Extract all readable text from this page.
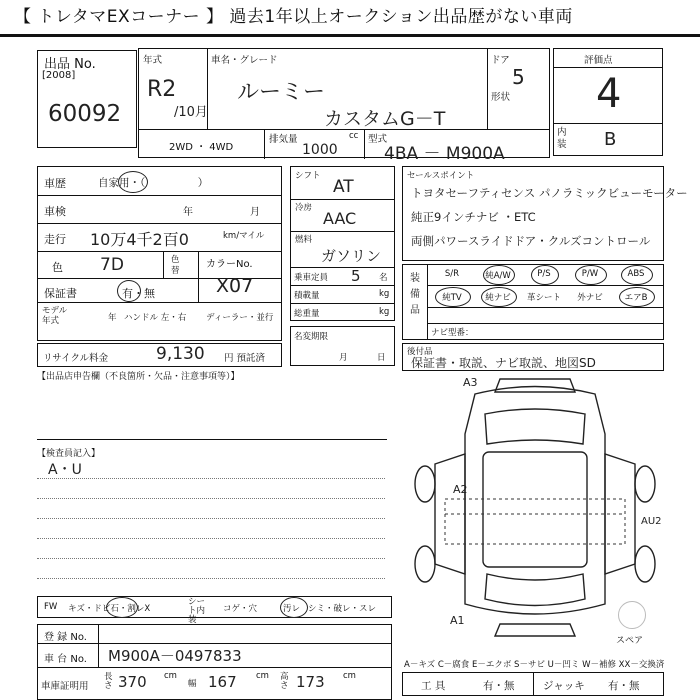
【 トレタマEXコーナー 】 過去1年以上オークション出品歴がない車両
出品 No.
[2008]
60092
年式
R2
/10月
車名・グレード
ルーミー
カスタムG－T
ドア
5
形状
2WD ・ 4WD
排気量	cc
1000
型式
4BA － M900A
評価点
4
内装 B
車歴	自家用・（　　　　　）
車検	年	月
走行 10万4千2百0	km/マイル
色 7D	色替
カラーNo.
X07
保証書	有・無
モデル年式	年 ハンドル 左・右 ディーラー・並行
リサイクル料金	9,130 円 預託済
シフト
AT
冷房
AAC
燃料
ガソリン
乗車定員 5 名
積載量	kg
総重量	kg
名変期限
月	日
セールスポイント
トヨタセーフティセンス パノラミックビューモーター
純正9インチナビ ・ETC
両側パワースライドドア・クルズコントロール
装備品
S/R	純A/W	P/S	P/W	ABS
純TV	純ナビ	革シート	外ナビ	エアB
ナビ型番：
後付品
保証書・取説、ナビ取説、地図SD
【出品店申告欄（不良箇所・欠品・注意事項等）】
【検査員記入】
A・U
A3
A2
A1
AU2
スペア
FW キズ・ドビ石・割レX
シート内装
コゲ・穴	汚レ シミ・破レ・スレ
登 録 No.
車 台 No. M900A－0497833
車庫証明用
長さ 370 cm
幅 167 cm 高さ 173 cm
A－キズ C－腐食 E－エクボ S－サビ U－凹ミ W－補修 XX－交換済
工 具	有・無	ジャッキ 有・無
